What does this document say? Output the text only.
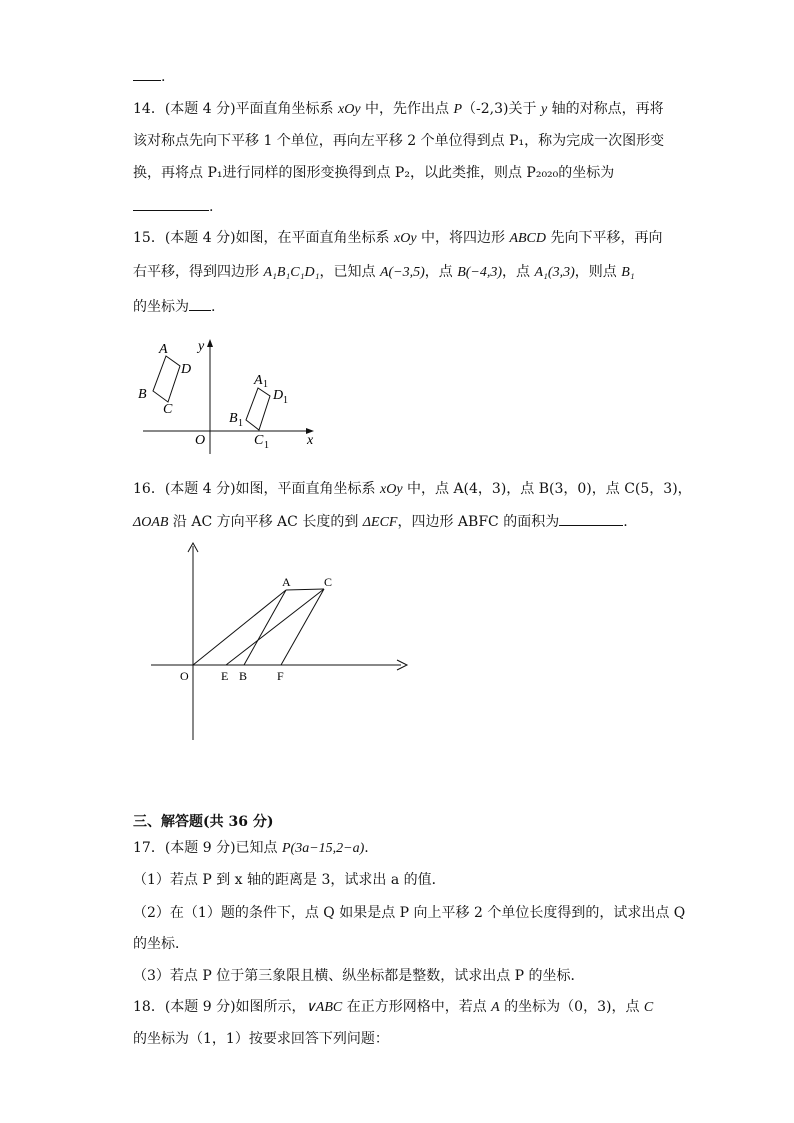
.
14．(本题 4 分)平面直角坐标系 xOy 中，先作出点 P（-2,3)关于 y 轴的对称点，再将
该对称点先向下平移 1 个单位，再向左平移 2 个单位得到点 P₁，称为完成一次图形变
换，再将点 P₁进行同样的图形变换得到点 P₂，以此类推，则点 P₂₀₂₀的坐标为
.
15．(本题 4 分)如图，在平面直角坐标系 xOy 中，将四边形 ABCD 先向下平移，再向
右平移，得到四边形 A₁B₁C₁D₁，已知点 A(−3,5)，点 B(−4,3)，点 A₁(3,3)，则点 B₁
的坐标为 .
y
x
O
A
D
B
C
A 1
D 1
B 1
C 1
16．(本题 4 分)如图，平面直角坐标系 xOy 中，点 A(4，3)，点 B(3，0)，点 C(5，3)，
ΔOAB 沿 AC 方向平移 AC 长度的到 ΔECF，四边形 ABFC 的面积为	.
O	E B F
A	C
三、解答题(共 36 分)
17．(本题 9 分)已知点 P(3a−15,2−a).
（1）若点 P 到 x 轴的距离是 3，试求出 a 的值．
（2）在（1）题的条件下，点 Q 如果是点 P 向上平移 2 个单位长度得到的，试求出点 Q
的坐标．
（3）若点 P 位于第三象限且横、纵坐标都是整数，试求出点 P 的坐标．
18．(本题 9 分)如图所示，∨ABC 在正方形网格中，若点 A 的坐标为（0，3)，点 C
的坐标为（1，1）按要求回答下列问题：
